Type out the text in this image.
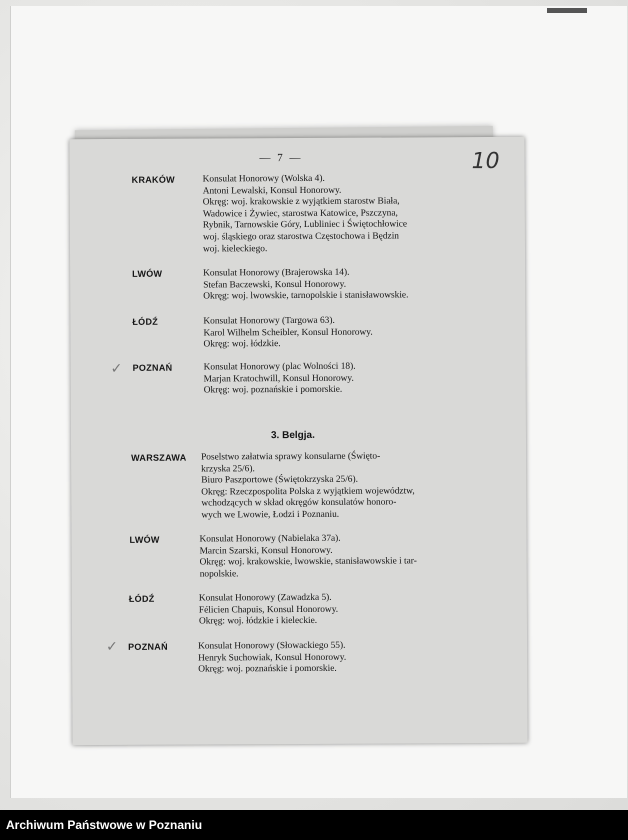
— 7 —	10
KRAKÓW	Konsulat Honorowy (Wolska 4).
Antoni Lewalski, Konsul Honorowy.
Okręg: woj. krakowskie z wyjątkiem starostw Biała,
Wadowice i Żywiec, starostwa Katowice, Pszczyna,
Rybnik, Tarnowskie Góry, Lubliniec i Świętochłowice
woj. śląskiego oraz starostwa Częstochowa i Będzin
woj. kieleckiego.
LWÓW	Konsulat Honorowy (Brajerowska 14).
Stefan Baczewski, Konsul Honorowy.
Okręg: woj. lwowskie, tarnopolskie i stanisławowskie.
ŁÓDŹ	Konsulat Honorowy (Targowa 63).
Karol Wilhelm Scheibler, Konsul Honorowy.
Okręg: woj. łódzkie.
POZNAŃ	Konsulat Honorowy (plac Wolności 18).
Marjan Kratochwill, Konsul Honorowy.
Okręg: woj. poznańskie i pomorskie.
3. Belgja.
WARSZAWA Poselstwo załatwia sprawy konsularne (Święto-
krzyska 25/6).
Biuro Paszportowe (Świętokrzyska 25/6).
Okręg: Rzeczpospolita Polska z wyjątkiem województw,
wchodzących w skład okręgów konsulatów honoro-
wych we Lwowie, Łodzi i Poznaniu.
LWÓW	Konsulat Honorowy (Nabielaka 37a).
Marcin Szarski, Konsul Honorowy.
Okręg: woj. krakowskie, lwowskie, stanisławowskie i tar-
nopolskie.
ŁÓDŹ	Konsulat Honorowy (Zawadzka 5).
Félicien Chapuis, Konsul Honorowy.
Okręg: woj. łódzkie i kieleckie.
POZNAŃ	Konsulat Honorowy (Słowackiego 55).
Henryk Suchowiak, Konsul Honorowy.
Okręg: woj. poznańskie i pomorskie.
✓
✓
Archiwum Państwowe w Poznaniu
